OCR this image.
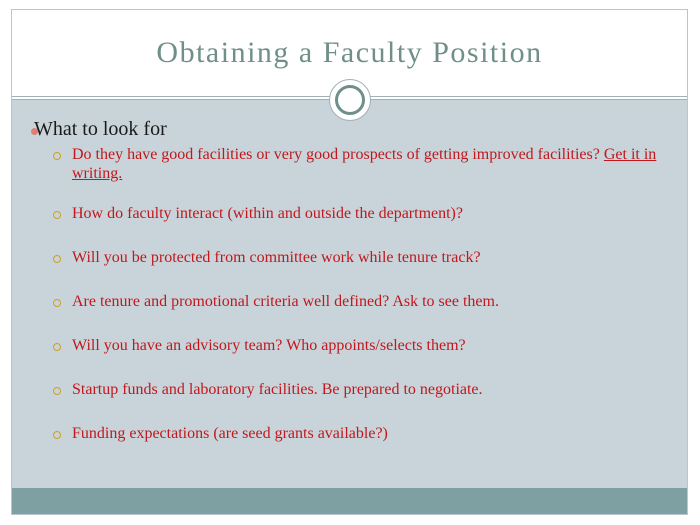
Obtaining a Faculty Position
What to look for
Do they have good facilities or very good prospects of getting improved facilities? Get it in writing.
How do faculty interact (within and outside the department)?
Will you be protected from committee work while tenure track?
Are tenure and promotional criteria well defined? Ask to see them.
Will you have an advisory team? Who appoints/selects them?
Startup funds and laboratory facilities. Be prepared to negotiate.
Funding expectations (are seed grants available?)
